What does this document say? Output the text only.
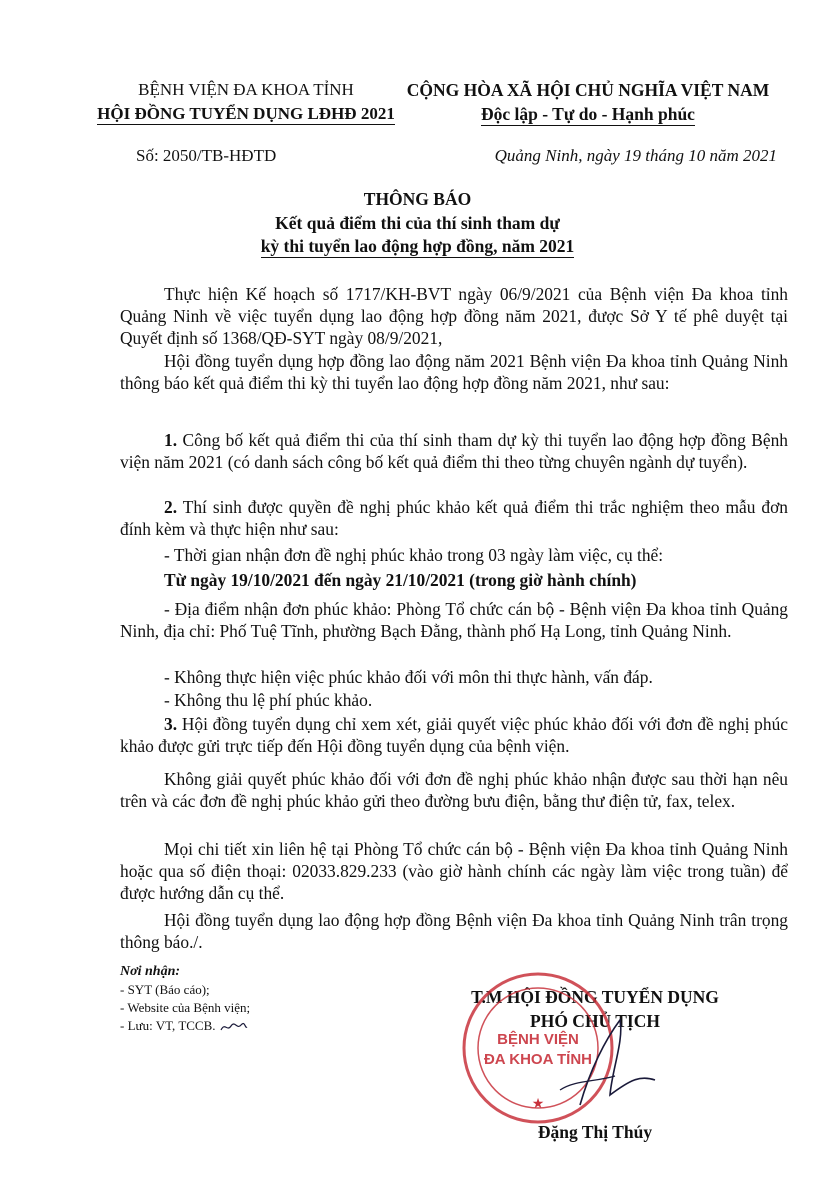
BỆNH VIỆN ĐA KHOA TỈNH
HỘI ĐỒNG TUYỂN DỤNG LĐHĐ 2021
CỘNG HÒA XÃ HỘI CHỦ NGHĨA VIỆT NAM
Độc lập - Tự do - Hạnh phúc
Số: 2050/TB-HĐTD	Quảng Ninh, ngày 19 tháng 10 năm 2021
THÔNG BÁO
Kết quả điểm thi của thí sinh tham dự
kỳ thi tuyển lao động hợp đồng, năm 2021
Thực hiện Kế hoạch số 1717/KH-BVT ngày 06/9/2021 của Bệnh viện Đa khoa tỉnh Quảng Ninh về việc tuyển dụng lao động hợp đồng năm 2021, được Sở Y tế phê duyệt tại Quyết định số 1368/QĐ-SYT ngày 08/9/2021,
Hội đồng tuyển dụng hợp đồng lao động năm 2021 Bệnh viện Đa khoa tỉnh Quảng Ninh thông báo kết quả điểm thi kỳ thi tuyển lao động hợp đồng năm 2021, như sau:
1. Công bố kết quả điểm thi của thí sinh tham dự kỳ thi tuyển lao động hợp đồng Bệnh viện năm 2021 (có danh sách công bố kết quả điểm thi theo từng chuyên ngành dự tuyển).
2. Thí sinh được quyền đề nghị phúc khảo kết quả điểm thi trắc nghiệm theo mẫu đơn đính kèm và thực hiện như sau:
- Thời gian nhận đơn đề nghị phúc khảo trong 03 ngày làm việc, cụ thể:
Từ ngày 19/10/2021 đến ngày 21/10/2021 (trong giờ hành chính)
- Địa điểm nhận đơn phúc khảo: Phòng Tổ chức cán bộ - Bệnh viện Đa khoa tỉnh Quảng Ninh, địa chỉ: Phố Tuệ Tĩnh, phường Bạch Đằng, thành phố Hạ Long, tỉnh Quảng Ninh.
- Không thực hiện việc phúc khảo đối với môn thi thực hành, vấn đáp.
- Không thu lệ phí phúc khảo.
3. Hội đồng tuyển dụng chỉ xem xét, giải quyết việc phúc khảo đối với đơn đề nghị phúc khảo được gửi trực tiếp đến Hội đồng tuyển dụng của bệnh viện.
Không giải quyết phúc khảo đối với đơn đề nghị phúc khảo nhận được sau thời hạn nêu trên và các đơn đề nghị phúc khảo gửi theo đường bưu điện, bằng thư điện tử, fax, telex.
Mọi chi tiết xin liên hệ tại Phòng Tổ chức cán bộ - Bệnh viện Đa khoa tỉnh Quảng Ninh hoặc qua số điện thoại: 02033.829.233 (vào giờ hành chính các ngày làm việc trong tuần) để được hướng dẫn cụ thể.
Hội đồng tuyển dụng lao động hợp đồng Bệnh viện Đa khoa tỉnh Quảng Ninh trân trọng thông báo./.
Nơi nhận:
- SYT (Báo cáo);
- Website của Bệnh viện;
- Lưu: VT, TCCB.
T.M HỘI ĐỒNG TUYỂN DỤNG
PHÓ CHỦ TỊCH
BỆNH VIỆN
ĐA KHOA TỈNH
★
Đặng Thị Thúy
